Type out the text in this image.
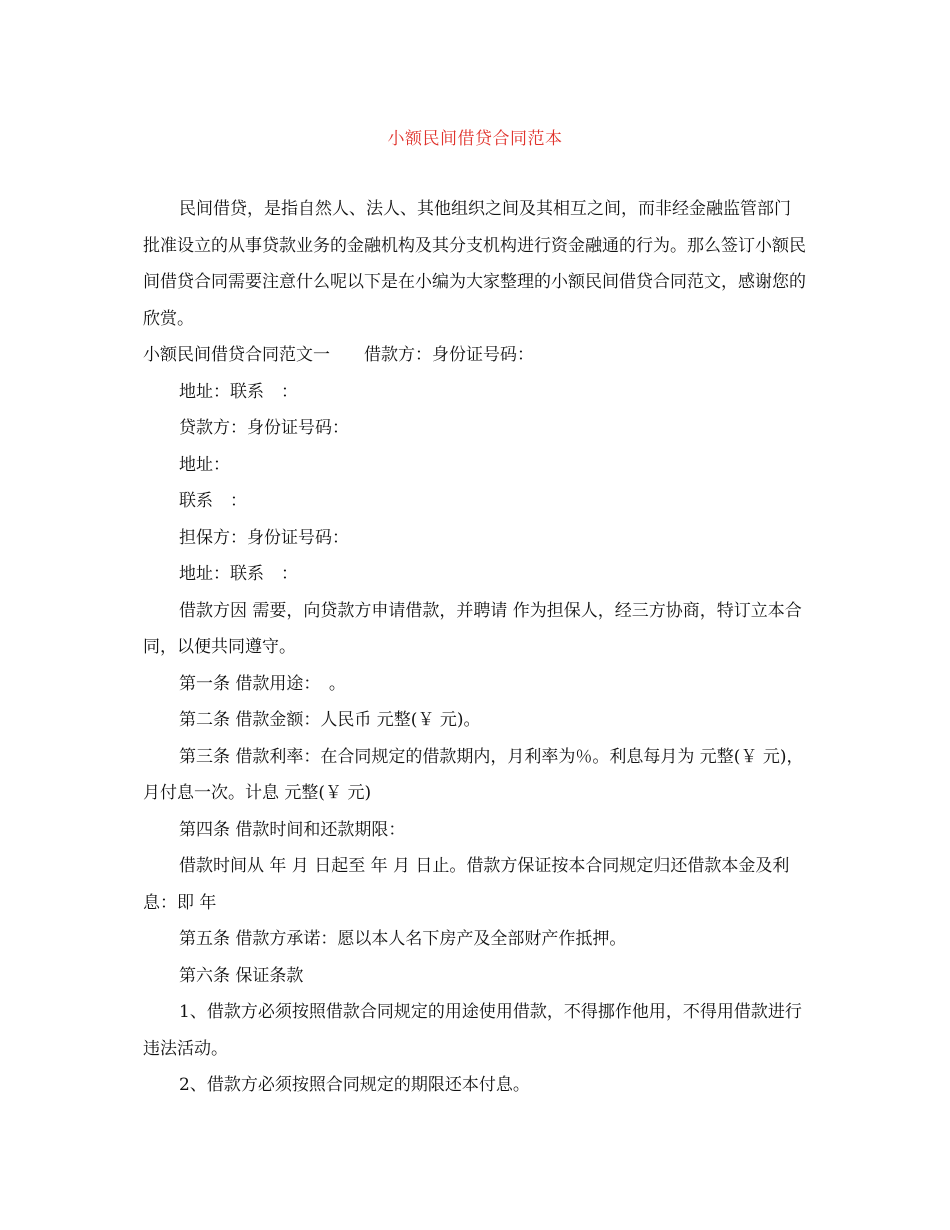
小额民间借贷合同范本

民间借贷，是指自然人、法人、其他组织之间及其相互之间，而非经金融监管部门批准设立的从事贷款业务的金融机构及其分支机构进行资金融通的行为。那么签订小额民间借贷合同需要注意什么呢以下是在小编为大家整理的小额民间借贷合同范文，感谢您的欣赏。

小额民间借贷合同范文一　　借款方：身份证号码：

地址：联系　：

贷款方：身份证号码：

地址：

联系　：

担保方：身份证号码：

地址：联系　：

借款方因 需要，向贷款方申请借款，并聘请 作为担保人，经三方协商，特订立本合同，以便共同遵守。

第一条 借款用途：　。

第二条 借款金额：人民币 元整(￥ 元)。

第三条 借款利率：在合同规定的借款期内，月利率为％。利息每月为 元整(￥ 元)，月付息一次。计息 元整(￥ 元)

第四条 借款时间和还款期限：

借款时间从 年 月 日起至 年 月 日止。借款方保证按本合同规定归还借款本金及利息：即 年

第五条 借款方承诺：愿以本人名下房产及全部财产作抵押。

第六条 保证条款

1、借款方必须按照借款合同规定的用途使用借款，不得挪作他用，不得用借款进行违法活动。

2、借款方必须按照合同规定的期限还本付息。
